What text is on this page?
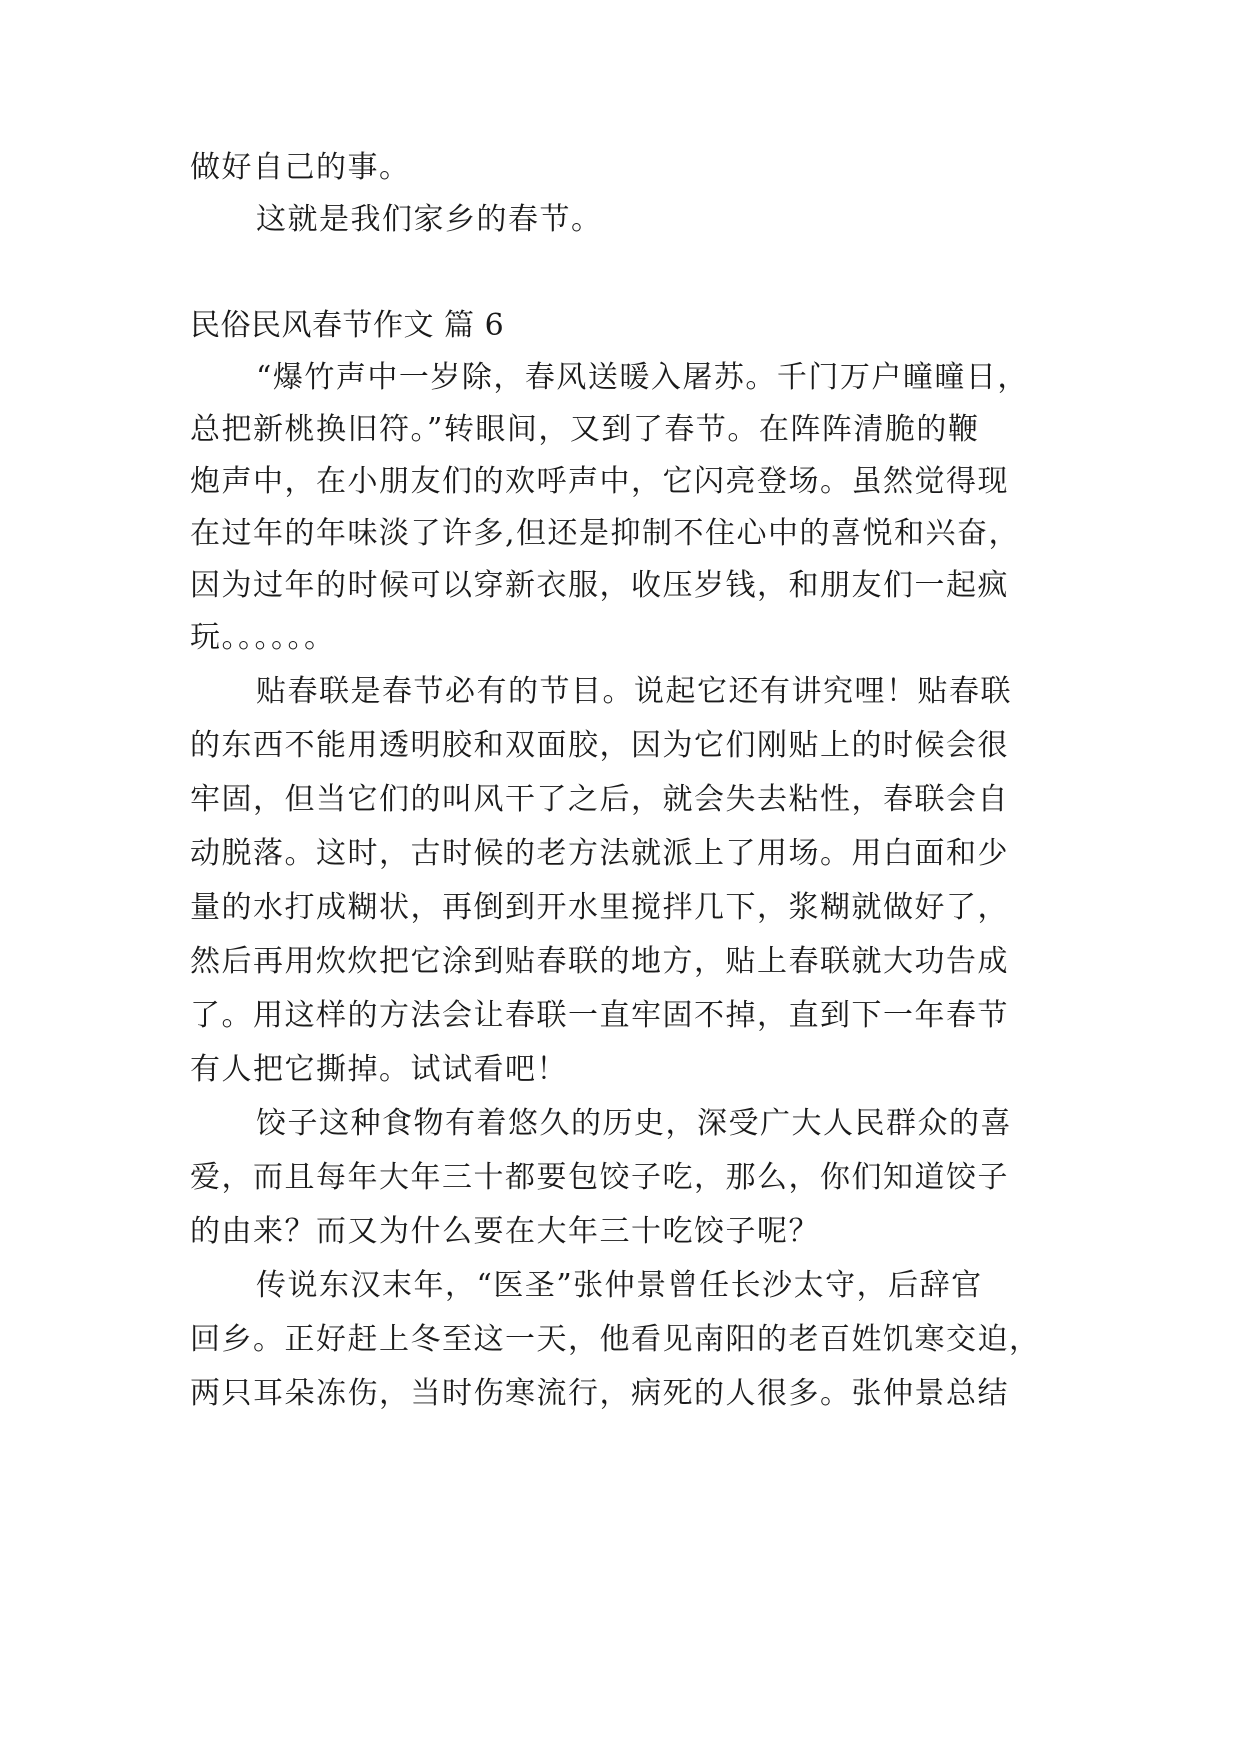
做好自己的事。
这就是我们家乡的春节。
民俗民风春节作文 篇 6
“爆竹声中一岁除，春风送暖入屠苏。千门万户曈曈日，
总把新桃换旧符。”转眼间，又到了春节。在阵阵清脆的鞭
炮声中，在小朋友们的欢呼声中，它闪亮登场。虽然觉得现
在过年的年味淡了许多,但还是抑制不住心中的喜悦和兴奋，
因为过年的时候可以穿新衣服，收压岁钱，和朋友们一起疯
玩。。。。。。
贴春联是春节必有的节目。说起它还有讲究哩！贴春联
的东西不能用透明胶和双面胶，因为它们刚贴上的时候会很
牢固，但当它们的叫风干了之后，就会失去粘性，春联会自
动脱落。这时，古时候的老方法就派上了用场。用白面和少
量的水打成糊状，再倒到开水里搅拌几下，浆糊就做好了，
然后再用炊炊把它涂到贴春联的地方，贴上春联就大功告成
了。用这样的方法会让春联一直牢固不掉，直到下一年春节
有人把它撕掉。试试看吧！
饺子这种食物有着悠久的历史，深受广大人民群众的喜
爱，而且每年大年三十都要包饺子吃，那么，你们知道饺子
的由来？而又为什么要在大年三十吃饺子呢？
传说东汉末年，“医圣”张仲景曾任长沙太守，后辞官
回乡。正好赶上冬至这一天，他看见南阳的老百姓饥寒交迫，
两只耳朵冻伤，当时伤寒流行，病死的人很多。张仲景总结
